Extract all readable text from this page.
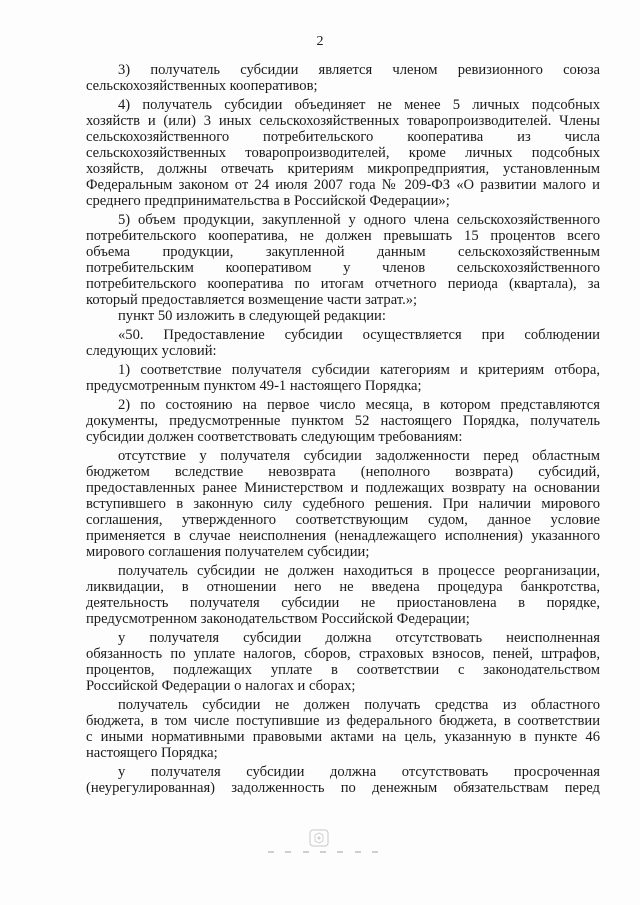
2
3) получатель субсидии является членом ревизионного союза
сельскохозяйственных кооперативов;
4) получатель субсидии объединяет не менее 5 личных подсобных
хозяйств и (или) 3 иных сельскохозяйственных товаропроизводителей. Члены
сельскохозяйственного потребительского кооператива из числа
сельскохозяйственных товаропроизводителей, кроме личных подсобных
хозяйств, должны отвечать критериям микропредприятия, установленным
Федеральным законом от 24 июля 2007 года № 209-ФЗ «О развитии малого и
среднего предпринимательства в Российской Федерации»;
5) объем продукции, закупленной у одного члена сельскохозяйственного
потребительского кооператива, не должен превышать 15 процентов всего
объема продукции, закупленной данным сельскохозяйственным
потребительским кооперативом у членов сельскохозяйственного
потребительского кооператива по итогам отчетного периода (квартала), за
который предоставляется возмещение части затрат.»;
пункт 50 изложить в следующей редакции:
«50. Предоставление субсидии осуществляется при соблюдении
следующих условий:
1) соответствие получателя субсидии категориям и критериям отбора,
предусмотренным пунктом 49-1 настоящего Порядка;
2) по состоянию на первое число месяца, в котором представляются
документы, предусмотренные пунктом 52 настоящего Порядка, получатель
субсидии должен соответствовать следующим требованиям:
отсутствие у получателя субсидии задолженности перед областным
бюджетом вследствие невозврата (неполного возврата) субсидий,
предоставленных ранее Министерством и подлежащих возврату на основании
вступившего в законную силу судебного решения. При наличии мирового
соглашения, утвержденного соответствующим судом, данное условие
применяется в случае неисполнения (ненадлежащего исполнения) указанного
мирового соглашения получателем субсидии;
получатель субсидии не должен находиться в процессе реорганизации,
ликвидации, в отношении него не введена процедура банкротства,
деятельность получателя субсидии не приостановлена в порядке,
предусмотренном законодательством Российской Федерации;
у получателя субсидии должна отсутствовать неисполненная
обязанность по уплате налогов, сборов, страховых взносов, пеней, штрафов,
процентов, подлежащих уплате в соответствии с законодательством
Российской Федерации о налогах и сборах;
получатель субсидии не должен получать средства из областного
бюджета, в том числе поступившие из федерального бюджета, в соответствии
с иными нормативными правовыми актами на цель, указанную в пункте 46
настоящего Порядка;
у получателя субсидии должна отсутствовать просроченная
(неурегулированная) задолженность по денежным обязательствам перед
